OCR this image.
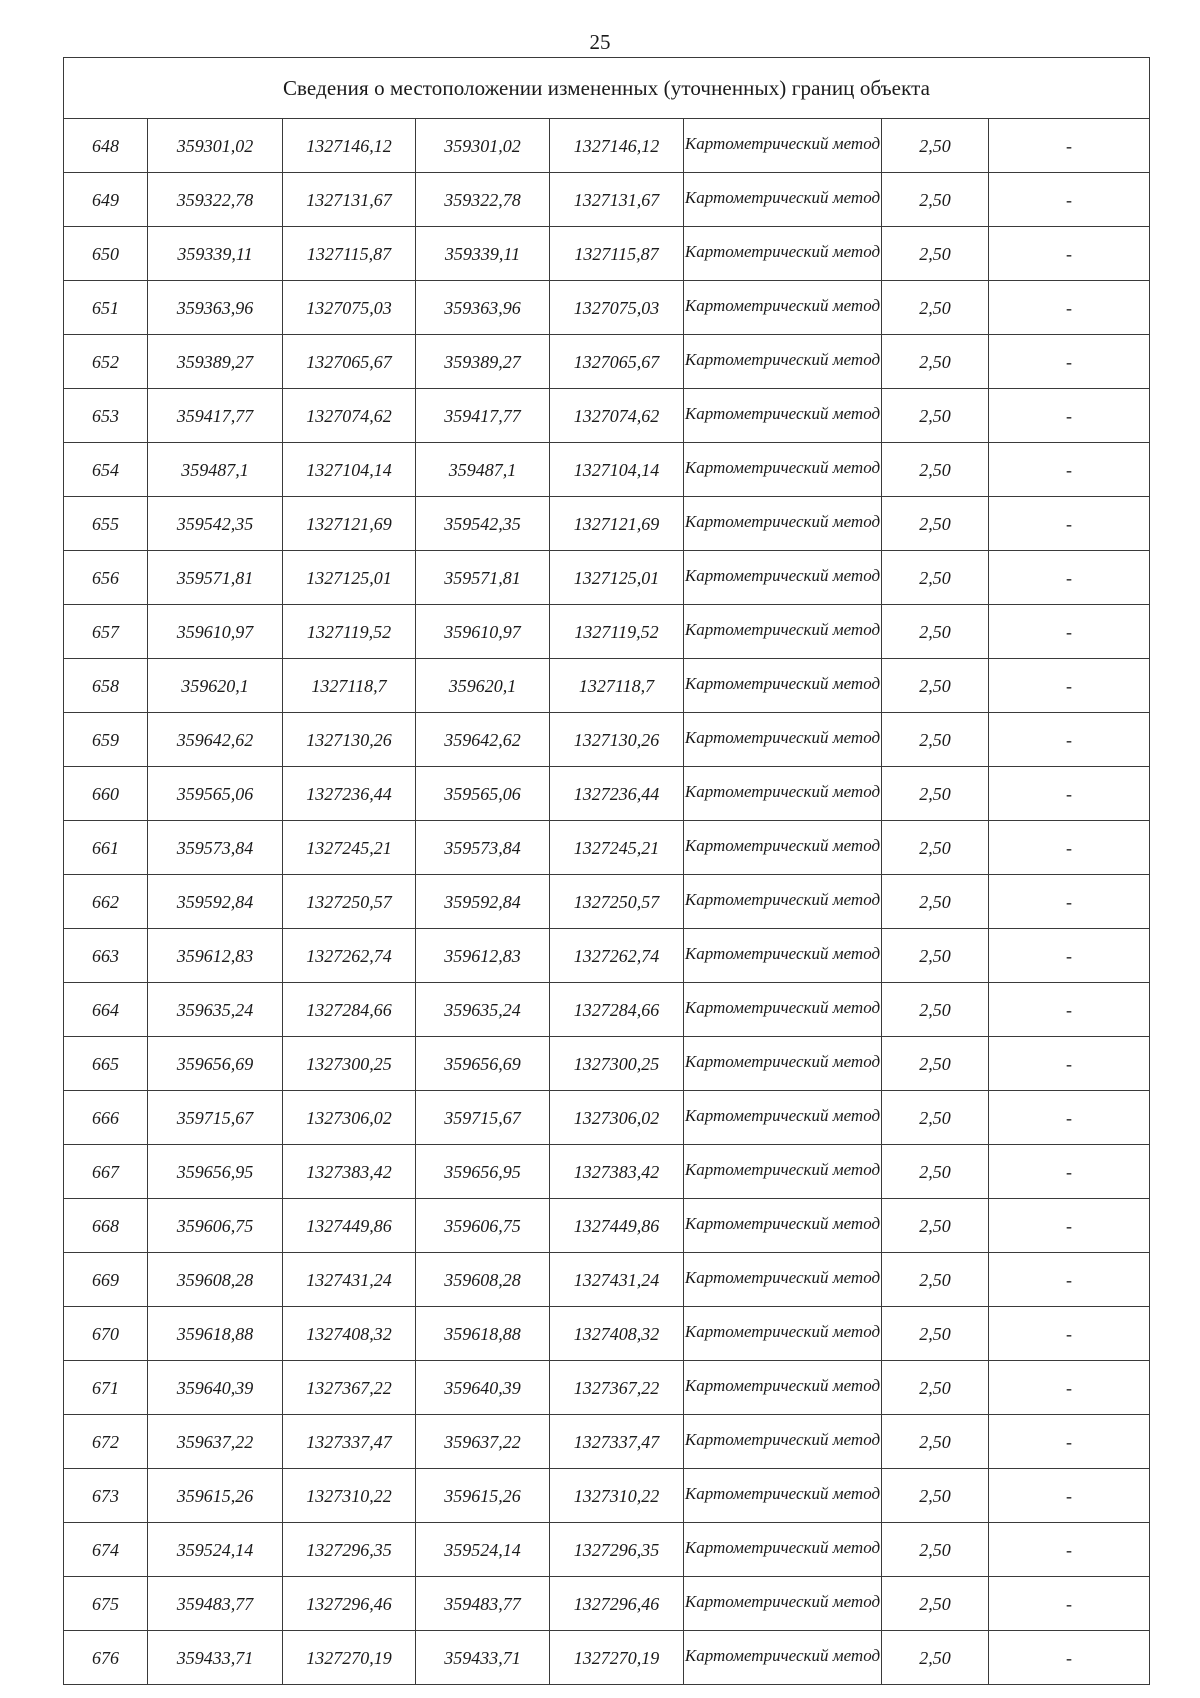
25
Сведения о местоположении измененных (уточненных) границ объекта							
648	359301,02	1327146,12	359301,02	1327146,12	Картометрический метод	2,50	-
649	359322,78	1327131,67	359322,78	1327131,67	Картометрический метод	2,50	-
650	359339,11	1327115,87	359339,11	1327115,87	Картометрический метод	2,50	-
651	359363,96	1327075,03	359363,96	1327075,03	Картометрический метод	2,50	-
652	359389,27	1327065,67	359389,27	1327065,67	Картометрический метод	2,50	-
653	359417,77	1327074,62	359417,77	1327074,62	Картометрический метод	2,50	-
654	359487,1	1327104,14	359487,1	1327104,14	Картометрический метод	2,50	-
655	359542,35	1327121,69	359542,35	1327121,69	Картометрический метод	2,50	-
656	359571,81	1327125,01	359571,81	1327125,01	Картометрический метод	2,50	-
657	359610,97	1327119,52	359610,97	1327119,52	Картометрический метод	2,50	-
658	359620,1	1327118,7	359620,1	1327118,7	Картометрический метод	2,50	-
659	359642,62	1327130,26	359642,62	1327130,26	Картометрический метод	2,50	-
660	359565,06	1327236,44	359565,06	1327236,44	Картометрический метод	2,50	-
661	359573,84	1327245,21	359573,84	1327245,21	Картометрический метод	2,50	-
662	359592,84	1327250,57	359592,84	1327250,57	Картометрический метод	2,50	-
663	359612,83	1327262,74	359612,83	1327262,74	Картометрический метод	2,50	-
664	359635,24	1327284,66	359635,24	1327284,66	Картометрический метод	2,50	-
665	359656,69	1327300,25	359656,69	1327300,25	Картометрический метод	2,50	-
666	359715,67	1327306,02	359715,67	1327306,02	Картометрический метод	2,50	-
667	359656,95	1327383,42	359656,95	1327383,42	Картометрический метод	2,50	-
668	359606,75	1327449,86	359606,75	1327449,86	Картометрический метод	2,50	-
669	359608,28	1327431,24	359608,28	1327431,24	Картометрический метод	2,50	-
670	359618,88	1327408,32	359618,88	1327408,32	Картометрический метод	2,50	-
671	359640,39	1327367,22	359640,39	1327367,22	Картометрический метод	2,50	-
672	359637,22	1327337,47	359637,22	1327337,47	Картометрический метод	2,50	-
673	359615,26	1327310,22	359615,26	1327310,22	Картометрический метод	2,50	-
674	359524,14	1327296,35	359524,14	1327296,35	Картометрический метод	2,50	-
675	359483,77	1327296,46	359483,77	1327296,46	Картометрический метод	2,50	-
676	359433,71	1327270,19	359433,71	1327270,19	Картометрический метод	2,50	-
